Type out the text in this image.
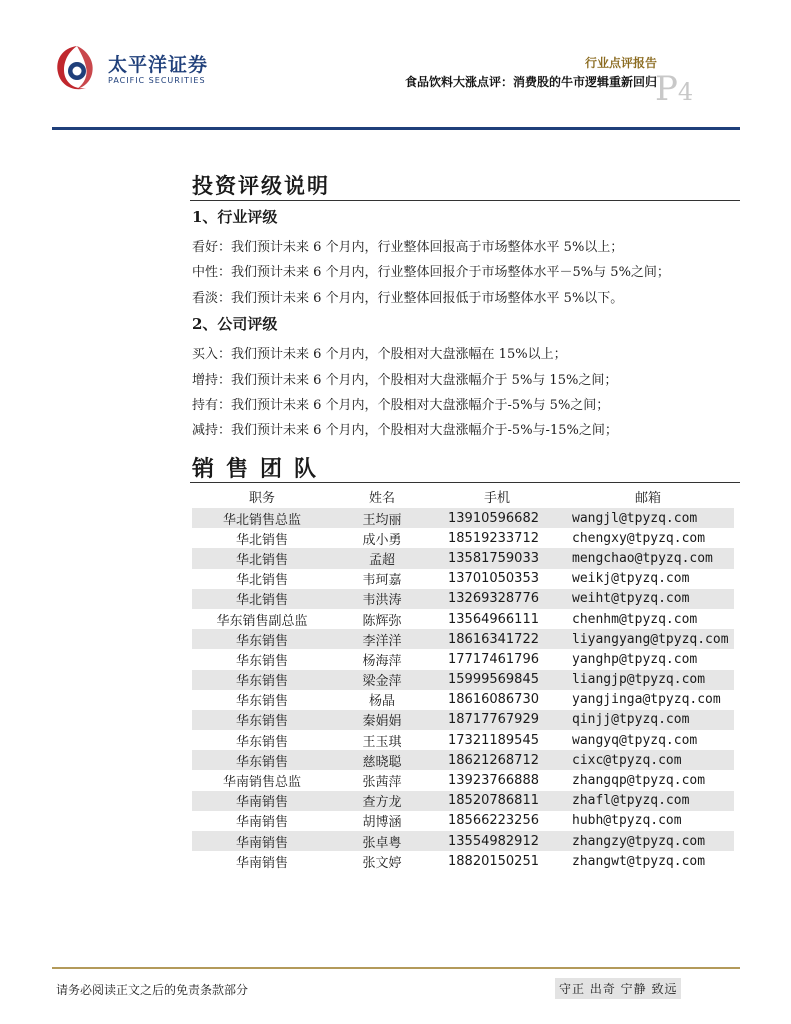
太平洋证券
PACIFIC SECURITIES
行业点评报告
食品饮料大涨点评：消费股的牛市逻辑重新回归
P4
投资评级说明
1、行业评级
看好：我们预计未来 6 个月内，行业整体回报高于市场整体水平 5%以上；
中性：我们预计未来 6 个月内，行业整体回报介于市场整体水平－5%与 5%之间；
看淡：我们预计未来 6 个月内，行业整体回报低于市场整体水平 5%以下。
2、公司评级
买入：我们预计未来 6 个月内，个股相对大盘涨幅在 15%以上；
增持：我们预计未来 6 个月内，个股相对大盘涨幅介于 5%与 15%之间；
持有：我们预计未来 6 个月内，个股相对大盘涨幅介于-5%与 5%之间；
减持：我们预计未来 6 个月内，个股相对大盘涨幅介于-5%与-15%之间；
销售团队
职务	姓名	手机	邮箱
华北销售总监	王均丽	13910596682	wangjl@tpyzq.com
华北销售	成小勇	18519233712	chengxy@tpyzq.com
华北销售	孟超	13581759033	mengchao@tpyzq.com
华北销售	韦珂嘉	13701050353	weikj@tpyzq.com
华北销售	韦洪涛	13269328776	weiht@tpyzq.com
华东销售副总监	陈辉弥	13564966111	chenhm@tpyzq.com
华东销售	李洋洋	18616341722	liyangyang@tpyzq.com
华东销售	杨海萍	17717461796	yanghp@tpyzq.com
华东销售	梁金萍	15999569845	liangjp@tpyzq.com
华东销售	杨晶	18616086730	yangjinga@tpyzq.com
华东销售	秦娟娟	18717767929	qinjj@tpyzq.com
华东销售	王玉琪	17321189545	wangyq@tpyzq.com
华东销售	慈晓聪	18621268712	cixc@tpyzq.com
华南销售总监	张茜萍	13923766888	zhangqp@tpyzq.com
华南销售	查方龙	18520786811	zhafl@tpyzq.com
华南销售	胡博涵	18566223256	hubh@tpyzq.com
华南销售	张卓粤	13554982912	zhangzy@tpyzq.com
华南销售	张文婷	18820150251	zhangwt@tpyzq.com
请务必阅读正文之后的免责条款部分	守正 出奇 宁静 致远
